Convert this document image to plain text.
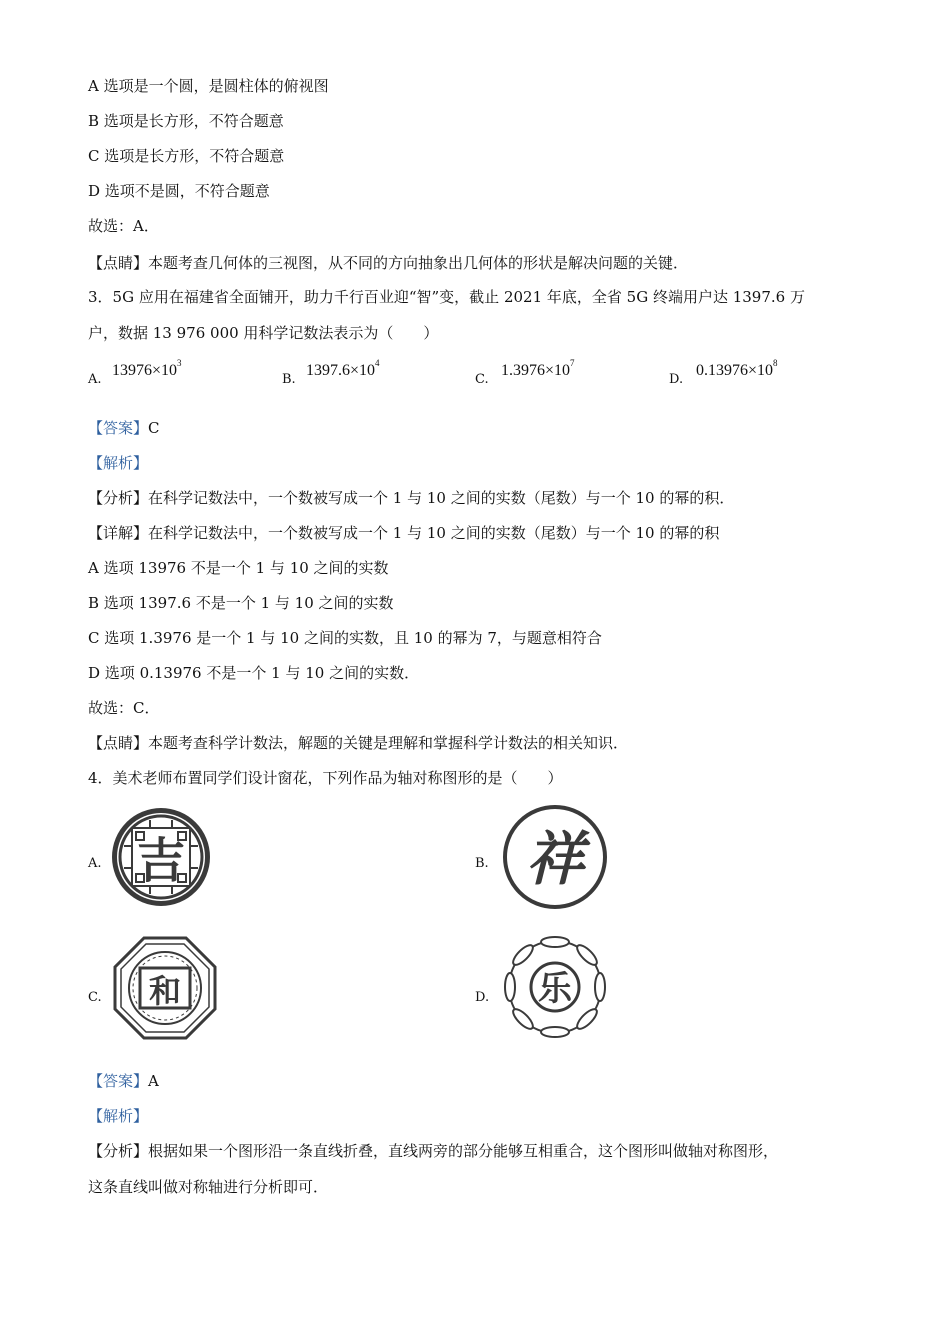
A 选项是一个圆，是圆柱体的俯视图
B 选项是长方形，不符合题意
C 选项是长方形，不符合题意
D 选项不是圆，不符合题意
故选：A．
【点睛】本题考查几何体的三视图，从不同的方向抽象出几何体的形状是解决问题的关键．
3．5G 应用在福建省全面铺开，助力千行百业迎“智”变，截止 2021 年底，全省 5G 终端用户达 1397.6 万
户，数据 13 976 000 用科学记数法表示为（　　）
A.
$13976\times 10^3$
B.
$1397.6\times 10^4$
C.
$1.3976\times 10^7$
D.
$0.13976\times 10^8$
【答案】C
【解析】
【分析】在科学记数法中，一个数被写成一个 1 与 10 之间的实数（尾数）与一个 10 的幂的积．
【详解】在科学记数法中，一个数被写成一个 1 与 10 之间的实数（尾数）与一个 10 的幂的积
A 选项 13976 不是一个 1 与 10 之间的实数
B 选项 1397.6 不是一个 1 与 10 之间的实数
C 选项 1.3976 是一个 1 与 10 之间的实数，且 10 的幂为 7，与题意相符合
D 选项 0.13976 不是一个 1 与 10 之间的实数．
故选：C．
【点睛】本题考查科学计数法，解题的关键是理解和掌握科学计数法的相关知识．
4．美术老师布置同学们设计窗花，下列作品为轴对称图形的是（　　）
A. 吉	B. 祥
C. 和	D. 乐
【答案】A
【解析】
【分析】根据如果一个图形沿一条直线折叠，直线两旁的部分能够互相重合，这个图形叫做轴对称图形，
这条直线叫做对称轴进行分析即可．
